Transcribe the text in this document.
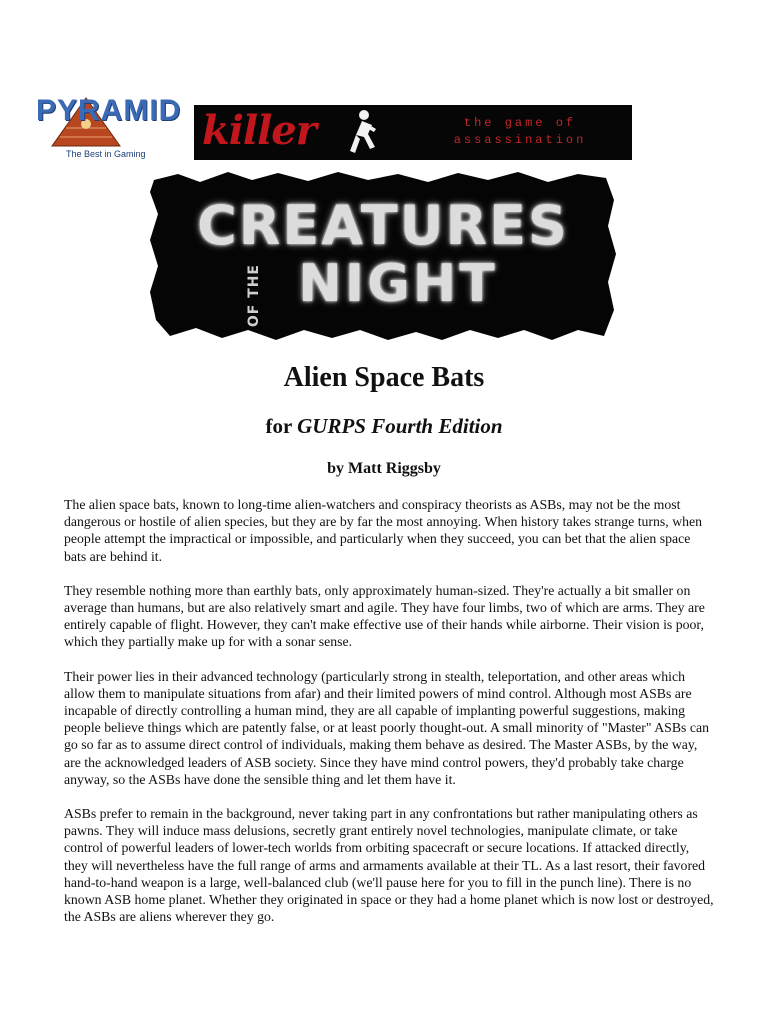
PYRAMID
The Best in Gaming killer	the game of assassination
CREATURES
OF THE NIGHT
Alien Space Bats
for GURPS Fourth Edition
by Matt Riggsby

The alien space bats, known to long-time alien-watchers and conspiracy theorists as ASBs, may not be the most dangerous or hostile of alien species, but they are by far the most annoying. When history takes strange turns, when people attempt the impractical or impossible, and particularly when they succeed, you can bet that the alien space bats are behind it.

They resemble nothing more than earthly bats, only approximately human-sized. They're actually a bit smaller on average than humans, but are also relatively smart and agile. They have four limbs, two of which are arms. They are entirely capable of flight. However, they can't make effective use of their hands while airborne. Their vision is poor, which they partially make up for with a sonar sense.

Their power lies in their advanced technology (particularly strong in stealth, teleportation, and other areas which allow them to manipulate situations from afar) and their limited powers of mind control. Although most ASBs are incapable of directly controlling a human mind, they are all capable of implanting powerful suggestions, making people believe things which are patently false, or at least poorly thought-out. A small minority of "Master" ASBs can go so far as to assume direct control of individuals, making them behave as desired. The Master ASBs, by the way, are the acknowledged leaders of ASB society. Since they have mind control powers, they'd probably take charge anyway, so the ASBs have done the sensible thing and let them have it.

ASBs prefer to remain in the background, never taking part in any confrontations but rather manipulating others as pawns. They will induce mass delusions, secretly grant entirely novel technologies, manipulate climate, or take control of powerful leaders of lower-tech worlds from orbiting spacecraft or secure locations. If attacked directly, they will nevertheless have the full range of arms and armaments available at their TL. As a last resort, their favored hand-to-hand weapon is a large, well-balanced club (we'll pause here for you to fill in the punch line). There is no known ASB home planet. Whether they originated in space or they had a home planet which is now lost or destroyed, the ASBs are aliens wherever they go.
